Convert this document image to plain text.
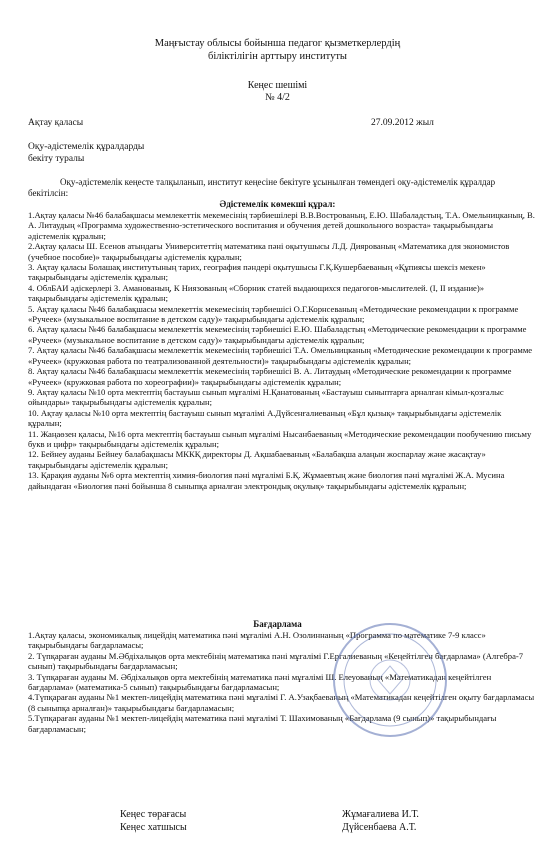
Маңғыстау облысы бойынша педагог қызметкерлердің
біліктілігін арттыру институты
Кеңес шешімі
№ 4/2
Ақтау қаласы	27.09.2012 жыл
Оқу-әдістемелік құралдарды
бекіту туралы
Оқу-әдістемелік кеңесте талқыланып, институт кеңесіне бекітуге ұсынылған төмендегі оқу-әдістемелік құралдар бекітілсін:
Әдістемелік көмекші құрал:

1.Ақтау қаласы №46 балабақшасы мемлекеттік мекемесінің тәрбиешілері В.В.Вострованың, Е.Ю. Шабаладстың, Т.А. Омельницканың, В. А. Литаудың «Программа художественно-эстетического воспитания и обучения детей дошкольного возраста» тақырыбындағы әдістемелік құралын;

2.Ақтау қаласы Ш. Есенов атындағы Университеттің математика пәні оқытушысы Л.Д. Диярованың «Математика для экономистов (учебное пособие)» тақырыбындағы әдістемелік құралын;

3. Ақтау қаласы Болашақ институтының тарих, география пәндері оқытушысы Г.Қ.Кушербаеваның «Құпиясы шексіз мекен» тақырыбындағы әдістемелік құралын;

4. ОблБАИ әдіскерлері З. Аманованың, К Ниязованың «Сборник статей выдающихся педагогов-мыслителей. (I, II издание)» тақырыбындағы әдістемелік құралын;

5. Ақтау қаласы №46 балабақшасы мемлекеттік мекемесінің тәрбиешісі О.Г.Корнсеваның «Методические рекомендации к программе «Ручеек» (музыкальное воспитание в детском саду)» тақырыбындағы әдістемелік құралын;

6. Ақтау қаласы №46 балабақшасы мемлекеттік мекемесінің тәрбиешісі Е.Ю. Шабаладстың «Методические рекомендации к программе «Ручеек» (музыкальное воспитание в детском саду)» тақырыбындағы әдістемелік құралын;

7. Ақтау қаласы №46 балабақшасы мемлекеттік мекемесінің тәрбиешісі Т.А. Омельницканың «Методические рекомендации к программе «Ручеек» (кружковая работа по театрализованной деятельности)» тақырыбындағы әдістемелік құралын;

8. Ақтау қаласы №46 балабақшасы мемлекеттік мекемесінің тәрбиешісі В. А. Литаудың «Методические рекомендации к программе «Ручеек» (кружковая работа по хореографии)» тақырыбындағы әдістемелік құралын;

9. Ақтау қаласы №10 орта мектептің бастауыш сынып мұғалімі Н.Қанатованың «Бастауыш сыныптарға арналған кімыл-қозғалыс ойындары» тақырыбындағы әдістемелік құралын;

10. Ақтау қаласы №10 орта мектептің бастауыш сынып мұғалімі А.Дүйсенғалиеваның «Бұл қызық» тақырыбындағы әдістемелік құралын;

11. Жаңаөзен қаласы, №16 орта мектептің бастауыш сынып мұғалімі Нысанбаеваның «Методические рекомендации пообучению письму букв и цифр» тақырыбындағы әдістемелік құралын;

12. Бейнеу ауданы Бейнеу балабақшасы МККҚ директоры Д. Ақшабаеваның «Балабақша алаңын жоспарлау және жасақтау» тақырыбындағы әдістемелік құралын;

13. Қарақия ауданы №6 орта мектептің химия-биология пәні мұғалімі Б.Қ. Жұмаевтың және биология пәні мұғалімі Ж.А. Мусина дайындаған «Биология пәні бойынша 8 сыныпқа арналған электрондық оқулық» тақырыбындағы әдістемелік құралын;

Бағдарлама

1.Ақтау қаласы, экономикалық лицейдің математика пәні мұғалімі А.Н. Озолиннаның «Программа по математике 7-9 класс» тақырыбындағы бағдарламасы;

2. Түпқараған ауданы М.Әбдіхалықов орта мектебінің математика пәні мұғалімі Г.Ергалиеваның «Кеңейтілген бағдарлама» (Алгебра-7 сынып) тақырыбындағы бағдарламасын;

3. Түпқараған ауданы М. Әбдіхалықов орта мектебінің математика пәні мұғалімі Ш. Елеуованың «Математикадан кеңейтілген бағдарлама» (математика-5 сынып) тақырыбындағы бағдарламасын;

4.Түпқараған ауданы №1 мектеп-лицейдің математика пәні мұғалімі Г. А.Узақбаеваның «Математикадан кеңейтілген оқыту бағдарламасы (8 сыныпқа арналған)» тақырыбындағы бағдарламасын;

5.Түпқараған ауданы №1 мектеп-лицейдің математика пәні мұғалімі Т. Шахимованың «Бағдарлама (9 сынып)» тақырыбындағы бағдарламасын;

Кеңес төрағасы	Жұмағалиева И.Т.
Кеңес хатшысы	Дүйсенбаева А.Т.
